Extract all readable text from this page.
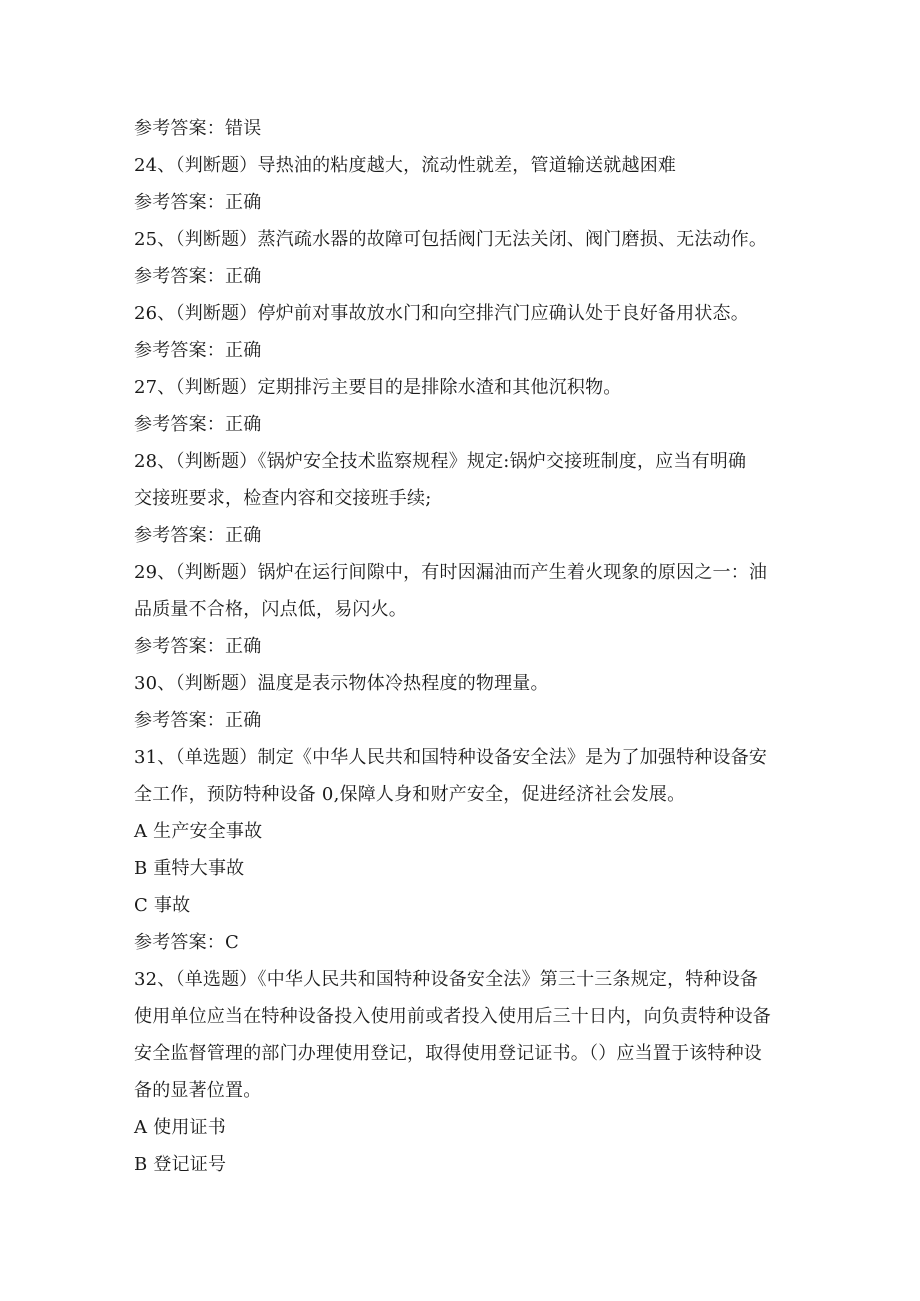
参考答案：错误
24、（判断题）导热油的粘度越大，流动性就差，管道输送就越困难
参考答案：正确
25、（判断题）蒸汽疏水器的故障可包括阀门无法关闭、阀门磨损、无法动作。
参考答案：正确
26、（判断题）停炉前对事故放水门和向空排汽门应确认处于良好备用状态。
参考答案：正确
27、（判断题）定期排污主要目的是排除水渣和其他沉积物。
参考答案：正确
28、（判断题）《锅炉安全技术监察规程》规定:锅炉交接班制度，应当有明确
交接班要求，检查内容和交接班手续;
参考答案：正确
29、（判断题）锅炉在运行间隙中，有时因漏油而产生着火现象的原因之一：油
品质量不合格，闪点低，易闪火。
参考答案：正确
30、（判断题）温度是表示物体冷热程度的物理量。
参考答案：正确
31、（单选题）制定《中华人民共和国特种设备安全法》是为了加强特种设备安
全工作，预防特种设备 0,保障人身和财产安全，促进经济社会发展。
A 生产安全事故
B 重特大事故
C 事故
参考答案：C
32、（单选题）《中华人民共和国特种设备安全法》第三十三条规定，特种设备
使用单位应当在特种设备投入使用前或者投入使用后三十日内，向负责特种设备
安全监督管理的部门办理使用登记，取得使用登记证书。（）应当置于该特种设
备的显著位置。
A 使用证书
B 登记证号
